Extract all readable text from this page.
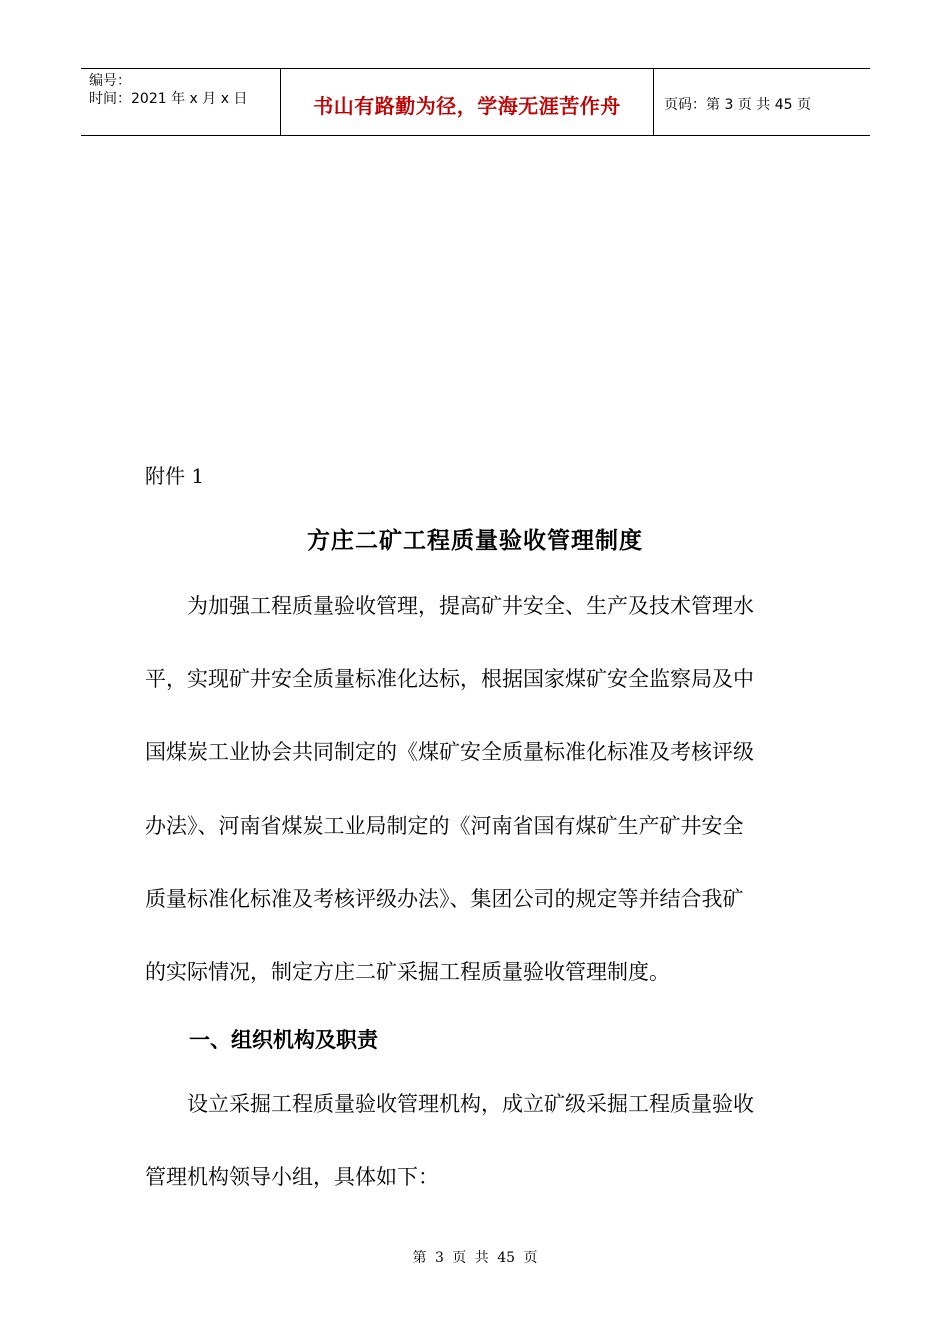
编号：
时间：2021 年 x 月 x 日	书山有路勤为径，学海无涯苦作舟	页码：第 3 页 共 45 页
附件 1
方庄二矿工程质量验收管理制度
　　为加强工程质量验收管理，提高矿井安全、生产及技术管理水
平，实现矿井安全质量标准化达标，根据国家煤矿安全监察局及中
国煤炭工业协会共同制定的《煤矿安全质量标准化标准及考核评级
办法》、河南省煤炭工业局制定的《河南省国有煤矿生产矿井安全
质量标准化标准及考核评级办法》、集团公司的规定等并结合我矿
的实际情况，制定方庄二矿采掘工程质量验收管理制度。
一、组织机构及职责
　　设立采掘工程质量验收管理机构，成立矿级采掘工程质量验收
管理机构领导小组，具体如下：
第 3 页 共 45 页
